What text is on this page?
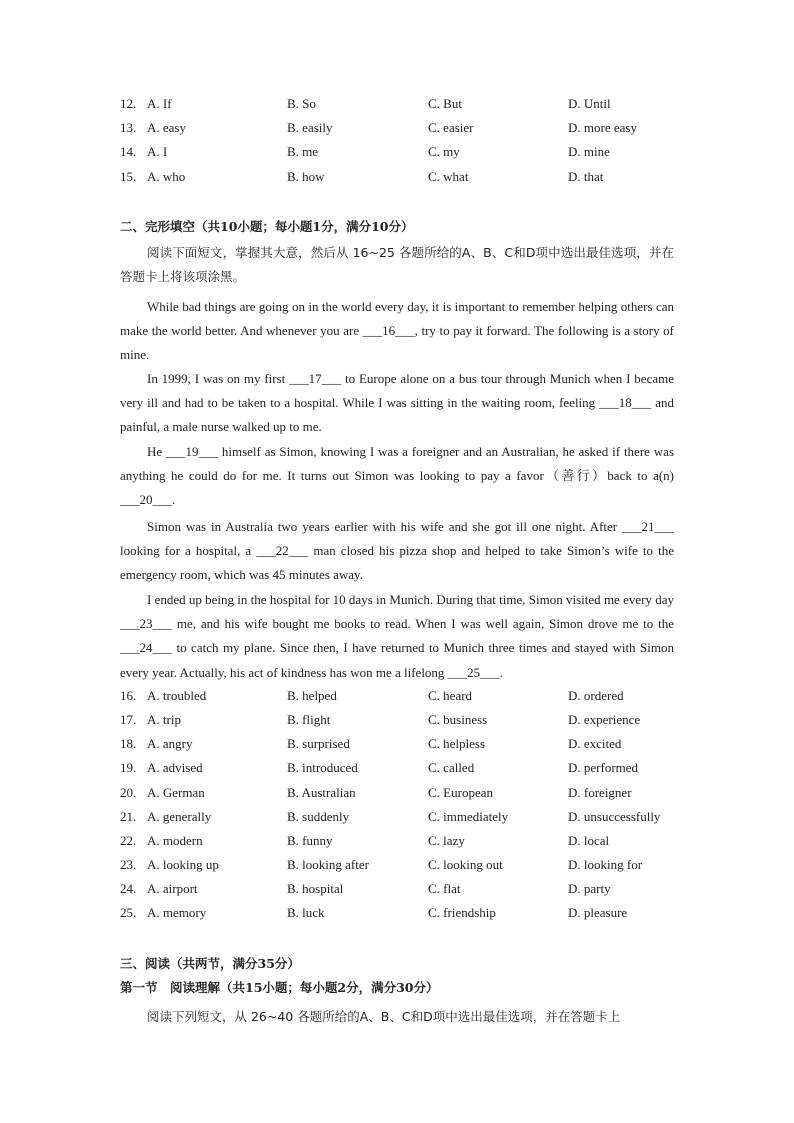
12. A. If	B. So	C. But	D. Until
13. A. easy	B. easily	C. easier	D. more easy
14. A. I	B. me	C. my	D. mine
15. A. who	B. how	C. what	D. that
二、完形填空（共10小题；每小题1分，满分10分）

阅读下面短文，掌握其大意，然后从 16~25 各题所给的A、B、C和D项中选出最佳选项，并在答题卡上将该项涂黑。

While bad things are going on in the world every day, it is important to remember helping others can make the world better. And whenever you are ___16___, try to pay it forward. The following is a story of mine.

In 1999, I was on my first ___17___ to Europe alone on a bus tour through Munich when I became very ill and had to be taken to a hospital. While I was sitting in the waiting room, feeling ___18___ and painful, a male nurse walked up to me.

He ___19___ himself as Simon, knowing I was a foreigner and an Australian, he asked if there was anything he could do for me. It turns out Simon was looking to pay a favor（善行）back to a(n) ___20___.

Simon was in Australia two years earlier with his wife and she got ill one night. After ___21___ looking for a hospital, a ___22___ man closed his pizza shop and helped to take Simon’s wife to the emergency room, which was 45 minutes away.

I ended up being in the hospital for 10 days in Munich. During that time, Simon visited me every day ___23___ me, and his wife bought me books to read. When I was well again, Simon drove me to the ___24___ to catch my plane. Since then, I have returned to Munich three times and stayed with Simon every year. Actually, his act of kindness has won me a lifelong ___25___.

16. A. troubled	B. helped	C. heard	D. ordered
17. A. trip	B. flight	C. business	D. experience
18. A. angry	B. surprised	C. helpless	D. excited
19. A. advised	B. introduced	C. called	D. performed
20. A. German	B. Australian	C. European	D. foreigner
21. A. generally	B. suddenly	C. immediately	D. unsuccessfully
22. A. modern	B. funny	C. lazy	D. local
23. A. looking up	B. looking after	C. looking out	D. looking for
24. A. airport	B. hospital	C. flat	D. party
25. A. memory	B. luck	C. friendship	D. pleasure
三、阅读（共两节，满分35分）
第一节　阅读理解（共15小题；每小题2分，满分30分）

阅读下列短文，从 26~40 各题所给的A、B、C和D项中选出最佳选项，并在答题卡上
